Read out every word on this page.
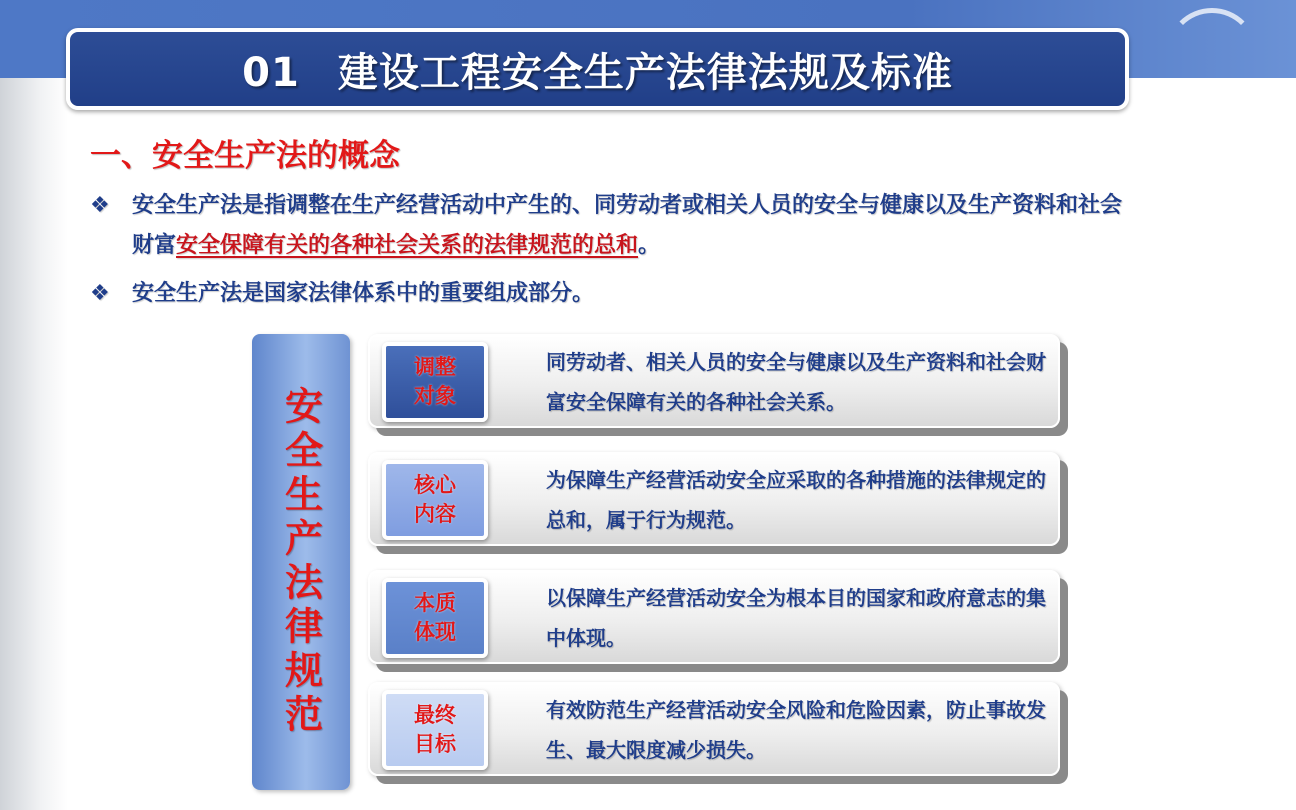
01 建设工程安全生产法律法规及标准
一、安全生产法的概念
❖	安全生产法是指调整在生产经营活动中产生的、同劳动者或相关人员的安全与健康以及生产资料和社会财富安全保障有关的各种社会关系的法律规范的总和。
❖	安全生产法是国家法律体系中的重要组成部分。
安全生产法律规范
调整对象
同劳动者、相关人员的安全与健康以及生产资料和社会财富安全保障有关的各种社会关系。
核心内容
为保障生产经营活动安全应采取的各种措施的法律规定的总和，属于行为规范。
本质体现
以保障生产经营活动安全为根本目的国家和政府意志的集中体现。
最终目标
有效防范生产经营活动安全风险和危险因素，防止事故发生、最大限度减少损失。
